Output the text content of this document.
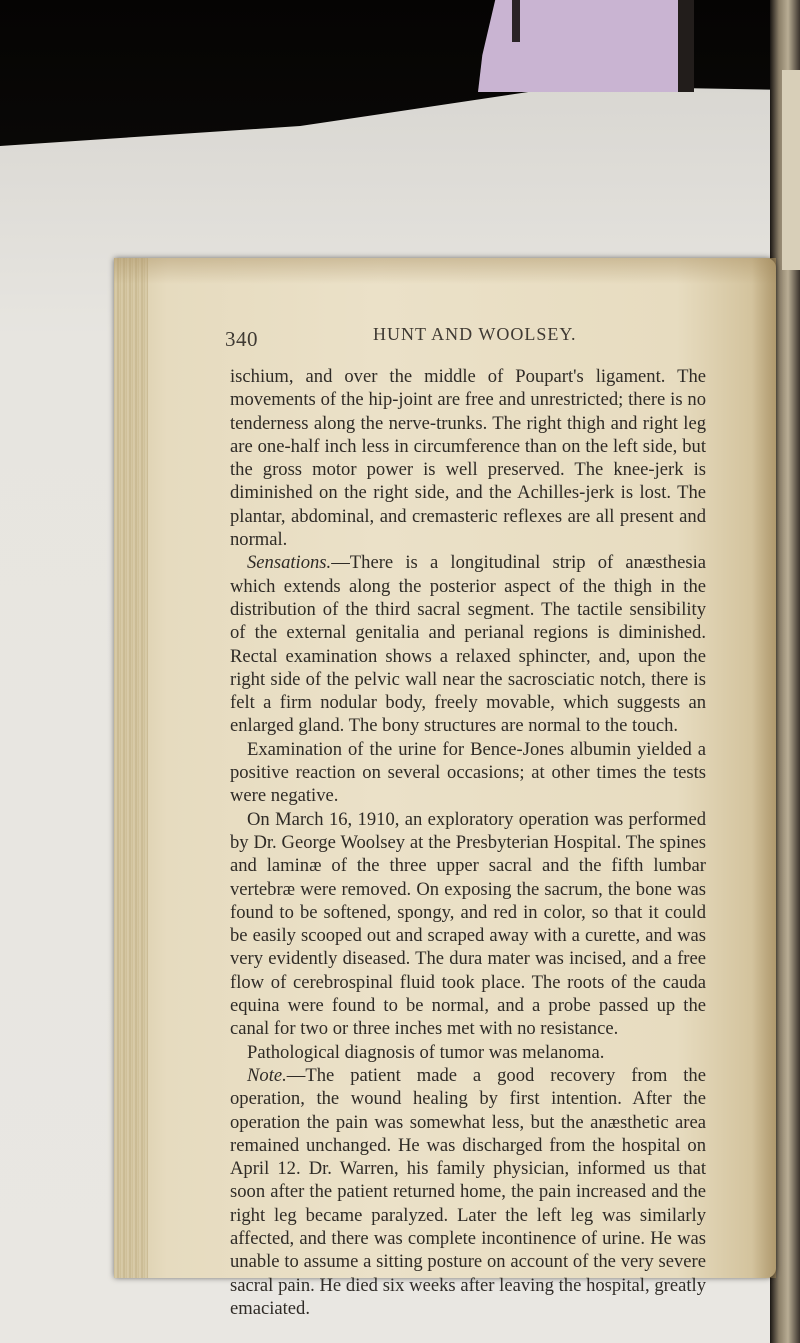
340	HUNT AND WOOLSEY.

ischium, and over the middle of Poupart's ligament. The movements of the hip-joint are free and unrestricted; there is no tenderness along the nerve-trunks. The right thigh and right leg are one-half inch less in circumference than on the left side, but the gross motor power is well preserved. The knee-jerk is diminished on the right side, and the Achilles-jerk is lost. The plantar, abdominal, and cremasteric reflexes are all present and normal.

Sensations.—There is a longitudinal strip of anæsthesia which extends along the posterior aspect of the thigh in the distribution of the third sacral segment. The tactile sensibility of the external genitalia and perianal regions is diminished. Rectal examination shows a relaxed sphincter, and, upon the right side of the pelvic wall near the sacrosciatic notch, there is felt a firm nodular body, freely movable, which suggests an enlarged gland. The bony structures are normal to the touch.

Examination of the urine for Bence-Jones albumin yielded a positive reaction on several occasions; at other times the tests were negative.

On March 16, 1910, an exploratory operation was performed by Dr. George Woolsey at the Presbyterian Hospital. The spines and laminæ of the three upper sacral and the fifth lumbar vertebræ were removed. On exposing the sacrum, the bone was found to be softened, spongy, and red in color, so that it could be easily scooped out and scraped away with a curette, and was very evidently diseased. The dura mater was incised, and a free flow of cerebrospinal fluid took place. The roots of the cauda equina were found to be normal, and a probe passed up the canal for two or three inches met with no resistance.

Pathological diagnosis of tumor was melanoma.

Note.—The patient made a good recovery from the operation, the wound healing by first intention. After the operation the pain was somewhat less, but the anæsthetic area remained unchanged. He was discharged from the hospital on April 12. Dr. Warren, his family physician, informed us that soon after the patient returned home, the pain increased and the right leg became paralyzed. Later the left leg was similarly affected, and there was complete incontinence of urine. He was unable to assume a sitting posture on account of the very severe sacral pain. He died six weeks after leaving the hospital, greatly emaciated.
